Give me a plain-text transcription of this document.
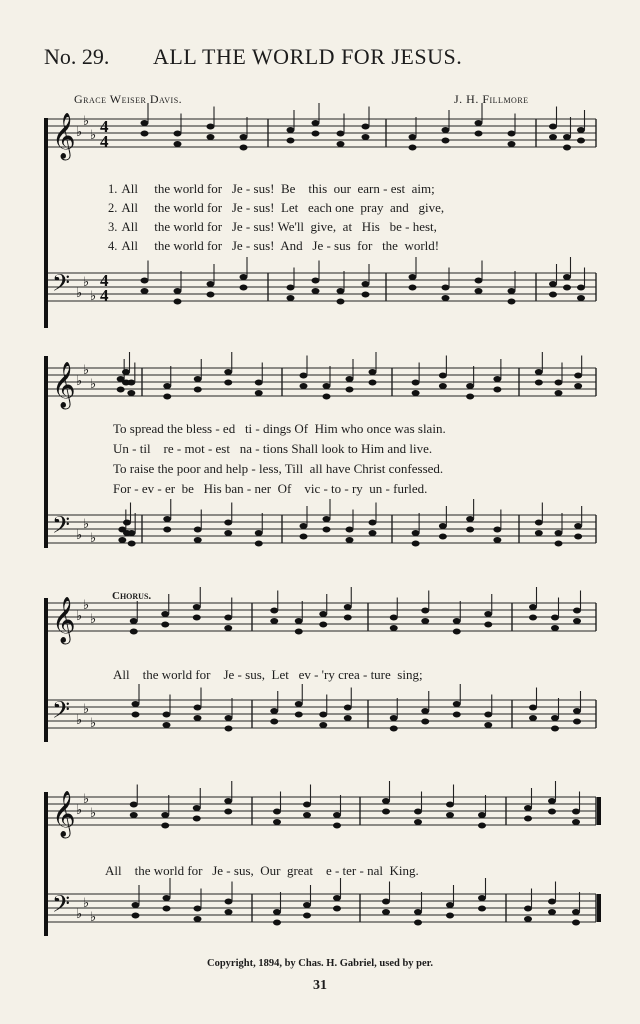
No. 29. ALL THE WORLD FOR JESUS.
Grace Weiser Davis.	J. H. Fillmore
𝄞 ♭
♭
♭ 4
4
𝄢 ♭
♭
♭
4
4
𝄞 ♭
♭
♭
𝄢 ♭
♭
♭
𝄞 ♭
♭
♭
𝄢 ♭
♭
♭
𝄞 ♭
♭
♭
𝄢 ♭
♭
♭
1. All     the world for   Je - sus!  Be    this  our  earn - est  aim;
2. All     the world for   Je - sus!  Let   each one  pray  and   give,
3. All     the world for   Je - sus! We'll  give,  at   His   be - hest,
4. All     the world for   Je - sus!  And   Je - sus  for   the  world!
To spread the bless - ed   ti - dings Of  Him who once was slain.
Un - til    re - mot - est   na - tions Shall look to Him and live.
To raise the poor and help - less, Till  all have Christ confessed.
For - ev - er  be   His ban - ner  Of    vic - to - ry  un - furled.
Chorus.
All    the world for    Je - sus,  Let   ev - 'ry crea - ture  sing;
All    the world for   Je - sus,  Our  great    e - ter - nal  King.
Copyright, 1894, by Chas. H. Gabriel, used by per.
31
